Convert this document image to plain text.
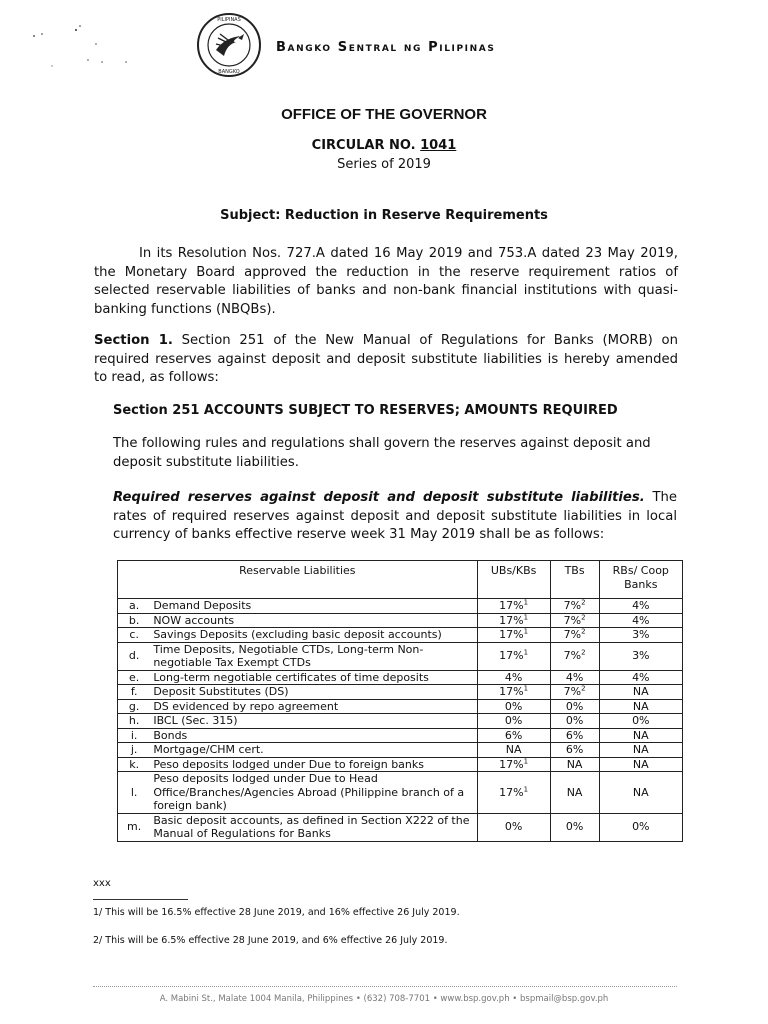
PILIPINAS
BANGKO
Bangko Sentral ng Pilipinas
OFFICE OF THE GOVERNOR
CIRCULAR NO. 1041
Series of 2019
Subject: Reduction in Reserve Requirements
In its Resolution Nos. 727.A dated 16 May 2019 and 753.A dated 23 May 2019, the Monetary Board approved the reduction in the reserve requirement ratios of selected reservable liabilities of banks and non-bank financial institutions with quasi-banking functions (NBQBs).
Section 1. Section 251 of the New Manual of Regulations for Banks (MORB) on required reserves against deposit and deposit substitute liabilities is hereby amended to read, as follows:
Section 251 ACCOUNTS SUBJECT TO RESERVES; AMOUNTS REQUIRED
The following rules and regulations shall govern the reserves against deposit and deposit substitute liabilities.
Required reserves against deposit and deposit substitute liabilities. The rates of required reserves against deposit and deposit substitute liabilities in local currency of banks effective reserve week 31 May 2019 shall be as follows:
Reservable Liabilities		UBs/KBs	TBs	RBs/ Coop Banks
a.	Demand Deposits	17%$^1$	7%$^2$	4%
b.	NOW accounts	17%$^1$	7%$^2$	4%
c.	Savings Deposits (excluding basic deposit accounts)	17%$^1$	7%$^2$	3%
d.	Time Deposits, Negotiable CTDs, Long-term Non-negotiable Tax Exempt CTDs	17%$^1$	7%$^2$	3%
e.	Long-term negotiable certificates of time deposits	4%	4%	4%
f.	Deposit Substitutes (DS)	17%$^1$	7%$^2$	NA
g.	DS evidenced by repo agreement	0%	0%	NA
h.	IBCL (Sec. 315)	0%	0%	0%
i.	Bonds	6%	6%	NA
j.	Mortgage/CHM cert.	NA	6%	NA
k.	Peso deposits lodged under Due to foreign banks	17%$^1$	NA	NA
l.	Peso deposits lodged under Due to Head Office/Branches/Agencies Abroad (Philippine branch of a foreign bank)	17%$^1$	NA	NA
m.	Basic deposit accounts, as defined in Section X222 of the Manual of Regulations for Banks	0%	0%	0%
xxx
1/ This will be 16.5% effective 28 June 2019, and 16% effective 26 July 2019.
2/ This will be 6.5% effective 28 June 2019, and 6% effective 26 July 2019.
A. Mabini St., Malate 1004 Manila, Philippines • (632) 708-7701 • www.bsp.gov.ph • bspmail@bsp.gov.ph
